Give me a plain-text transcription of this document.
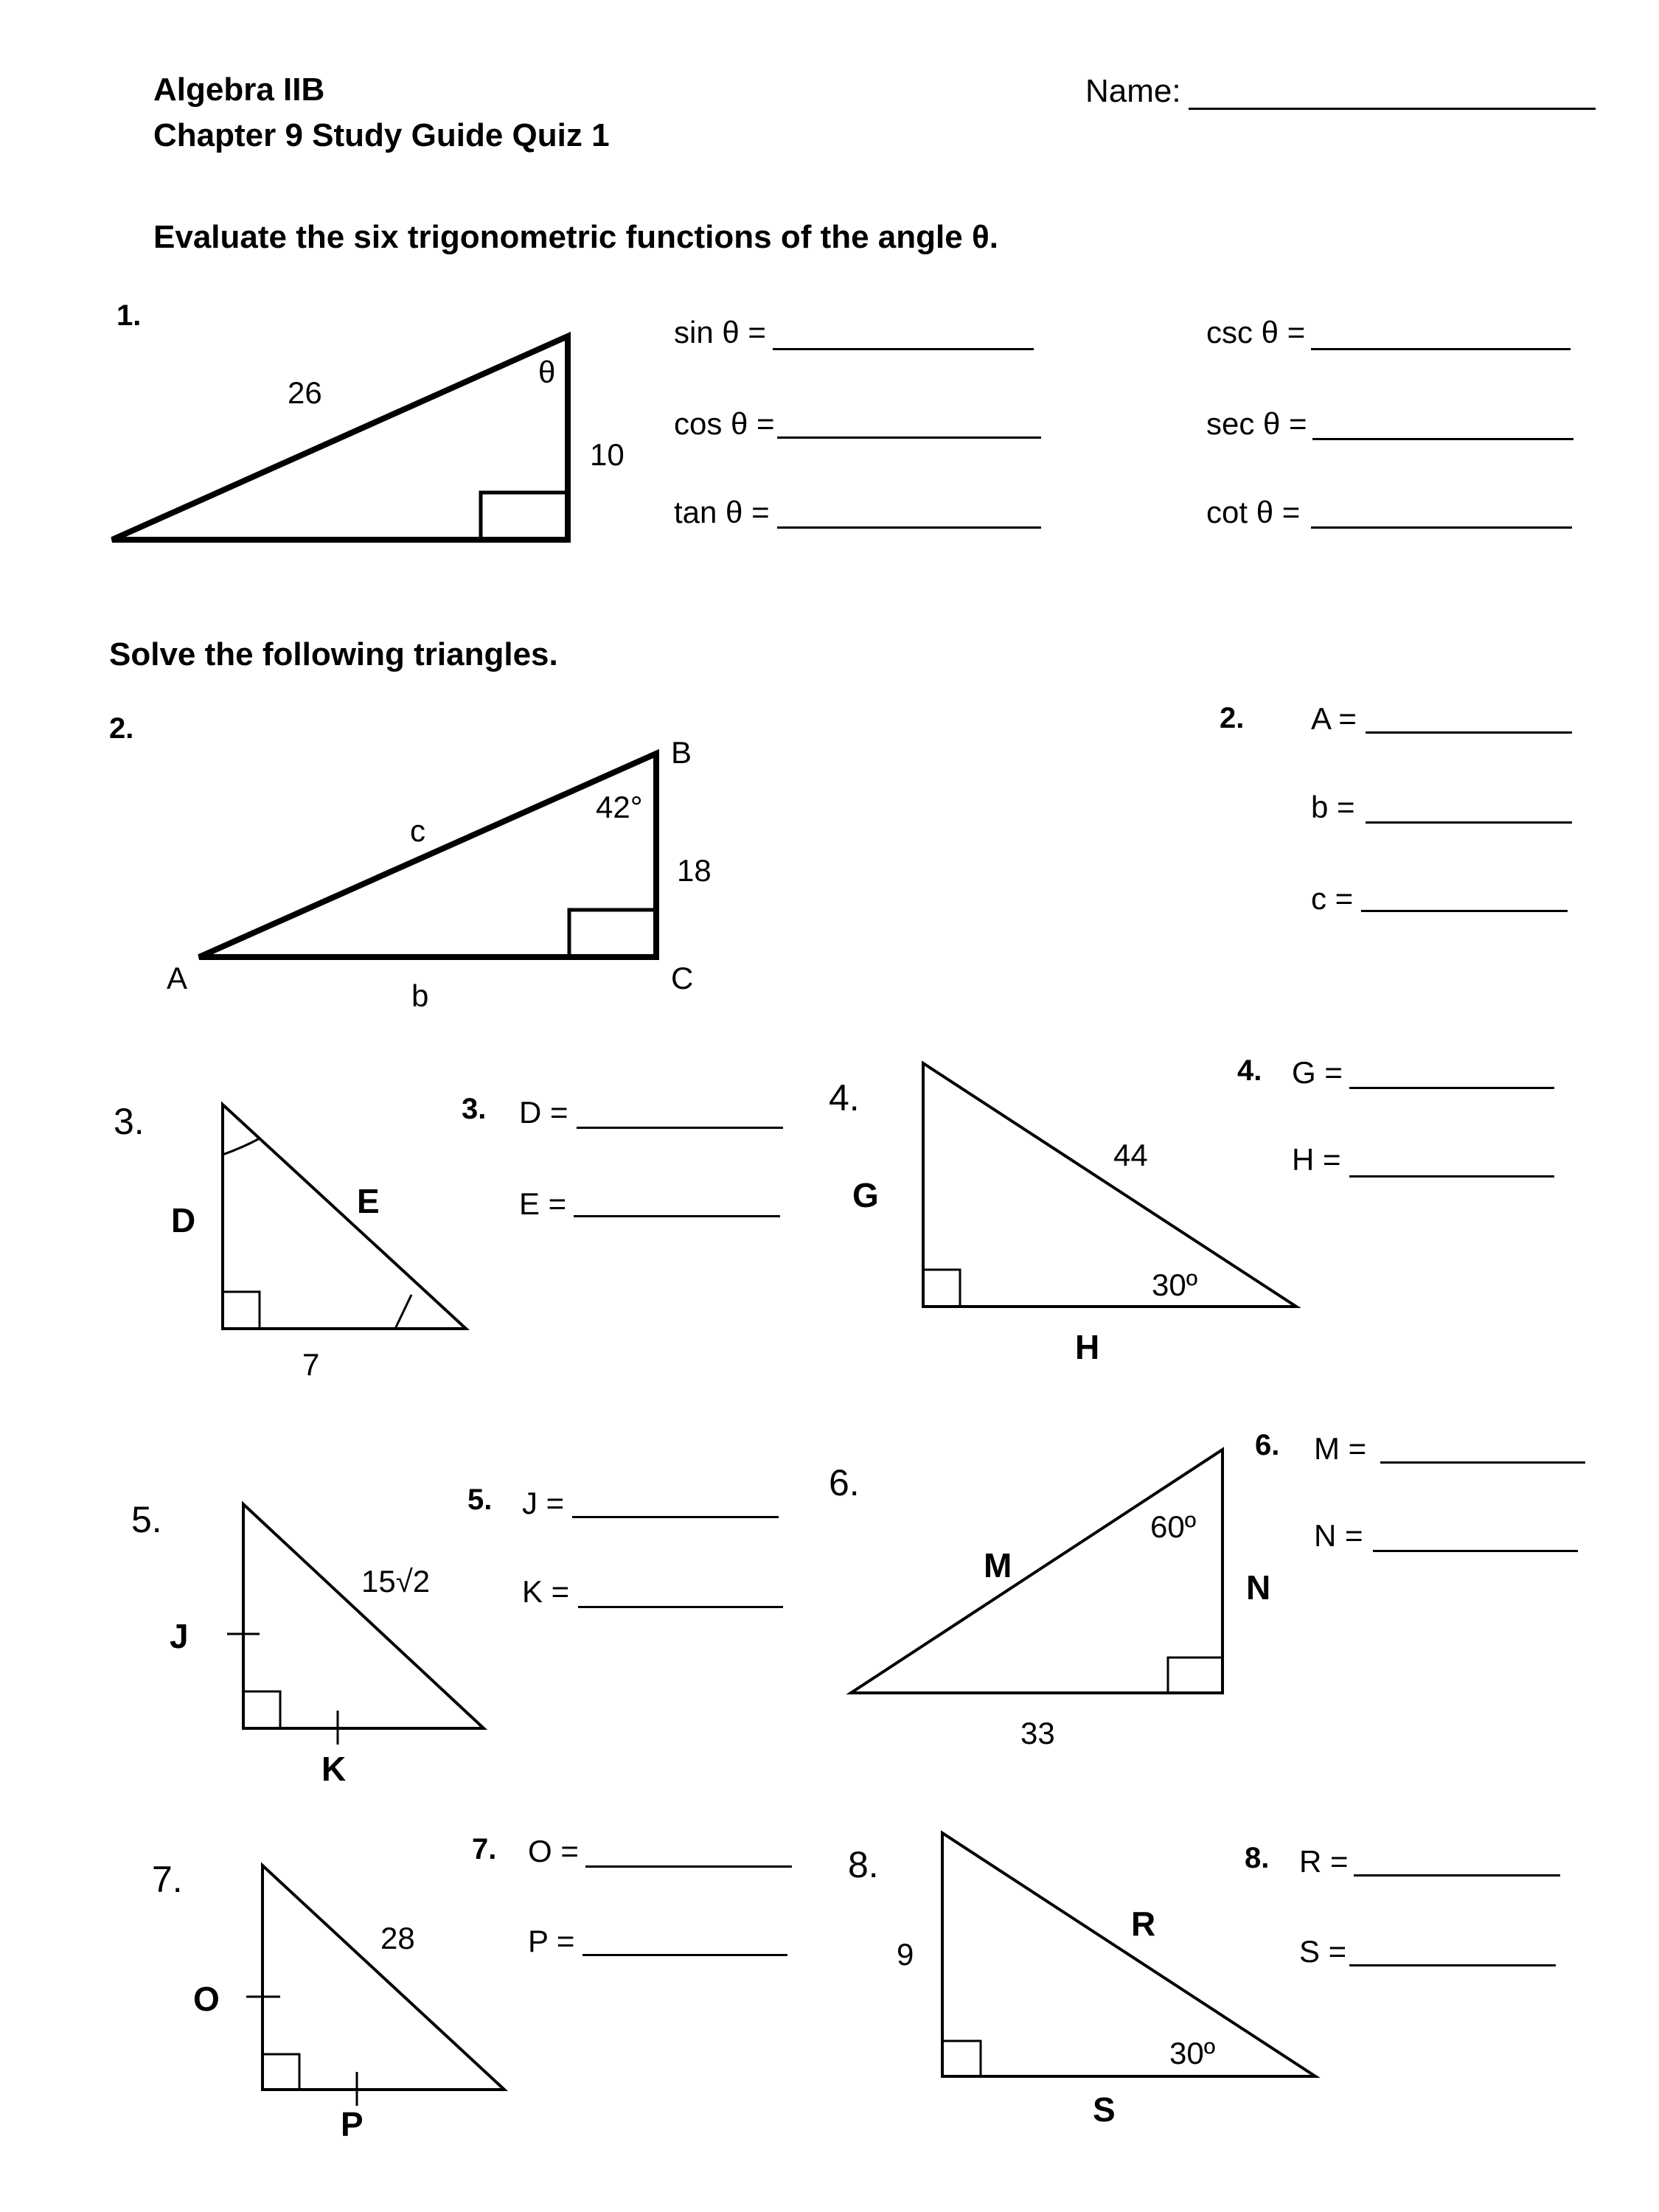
Algebra IIB
Chapter 9 Study Guide Quiz 1
Name:
Evaluate the six trigonometric functions of the angle θ.
1.	sin θ =
cos θ =
tan θ =
csc θ =
sec θ =
cot θ =
Solve the following triangles.
2.	2. A =
b =
c =
3.	3. D =
E =
4.
4. G =
H =
5.	5. J =
K =
6.
6. M =
N =
7.
7. O =
P =
8.	8. R =
S =
26
10
θ
A
B
C
c
b
18
42°
D	E
7
G
44
30º
H
J
15√2
K
M
60º
N
33
O
28
P
9
R
30º
S
